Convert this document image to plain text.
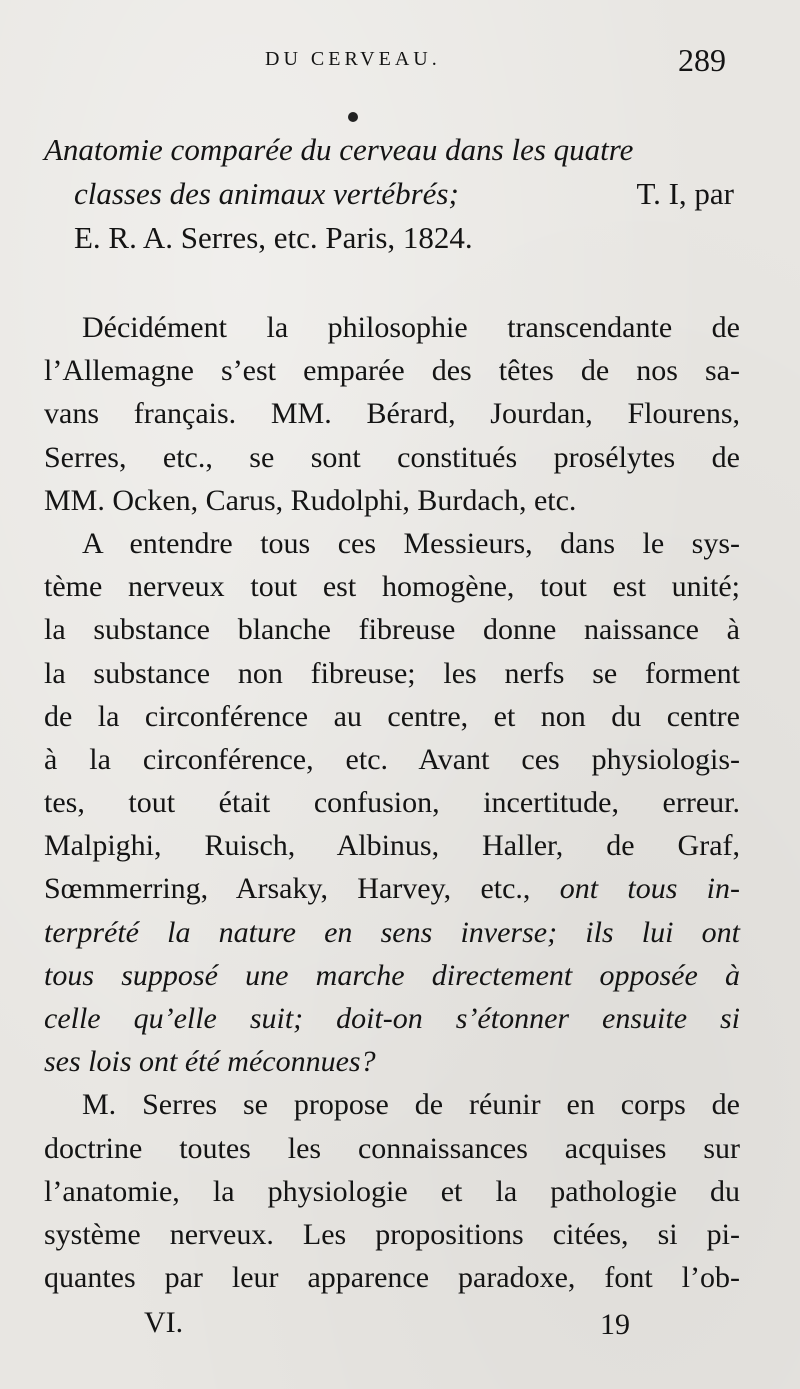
DU CERVEAU.	289
Anatomie comparée du cerveau dans les quatre
classes des animaux vertébrés;	T. I, par
E. R. A. Serres, etc. Paris, 1824.
Décidément la philosophie transcendante de
l’Allemagne s’est emparée des têtes de nos sa-
vans français. MM. Bérard, Jourdan, Flourens,
Serres, etc., se sont constitués prosélytes de
MM. Ocken, Carus, Rudolphi, Burdach, etc.
A entendre tous ces Messieurs, dans le sys-
tème nerveux tout est homogène, tout est unité;
la substance blanche fibreuse donne naissance à
la substance non fibreuse; les nerfs se forment
de la circonférence au centre, et non du centre
à la circonférence, etc. Avant ces physiologis-
tes, tout était confusion, incertitude, erreur.
Malpighi, Ruisch, Albinus, Haller, de Graf,
Sœmmerring, Arsaky, Harvey, etc., ont tous in-
terprété la nature en sens inverse; ils lui ont
tous supposé une marche directement opposée à
celle qu’elle suit; doit-on s’étonner ensuite si
ses lois ont été méconnues?
M. Serres se propose de réunir en corps de
doctrine toutes les connaissances acquises sur
l’anatomie, la physiologie et la pathologie du
système nerveux. Les propositions citées, si pi-
quantes par leur apparence paradoxe, font l’ob-
VI.	19
